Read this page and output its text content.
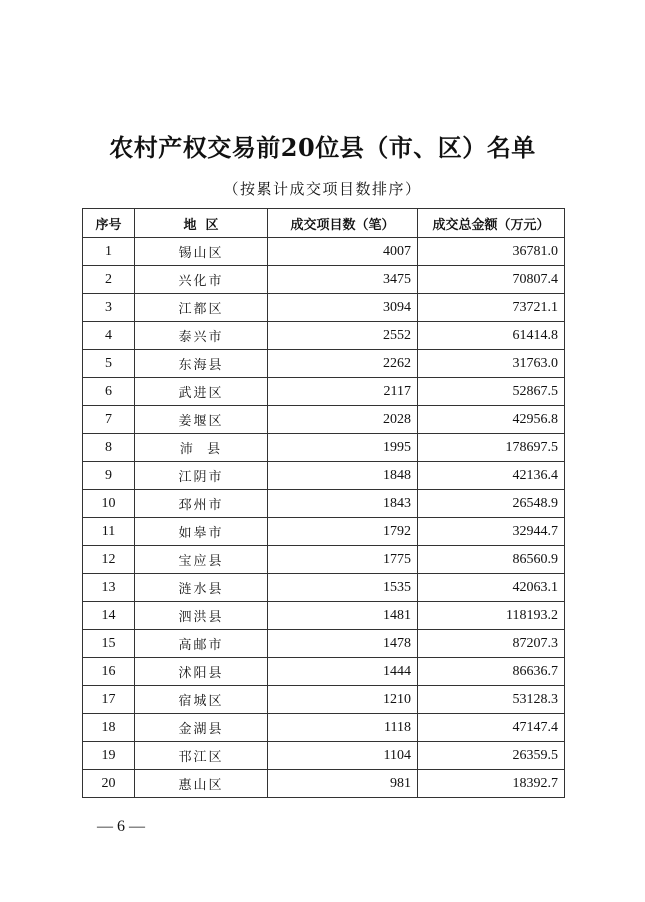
农村产权交易前20位县（市、区）名单
（按累计成交项目数排序）
序号	地  区	成交项目数（笔）	成交总金额（万元）
1	锡山区	4007	36781.0
2	兴化市	3475	70807.4
3	江都区	3094	73721.1
4	泰兴市	2552	61414.8
5	东海县	2262	31763.0
6	武进区	2117	52867.5
7	姜堰区	2028	42956.8
8	沛  县	1995	178697.5
9	江阴市	1848	42136.4
10	邳州市	1843	26548.9
11	如皋市	1792	32944.7
12	宝应县	1775	86560.9
13	涟水县	1535	42063.1
14	泗洪县	1481	118193.2
15	高邮市	1478	87207.3
16	沭阳县	1444	86636.7
17	宿城区	1210	53128.3
18	金湖县	1118	47147.4
19	邗江区	1104	26359.5
20	惠山区	981	18392.7
— 6 —
